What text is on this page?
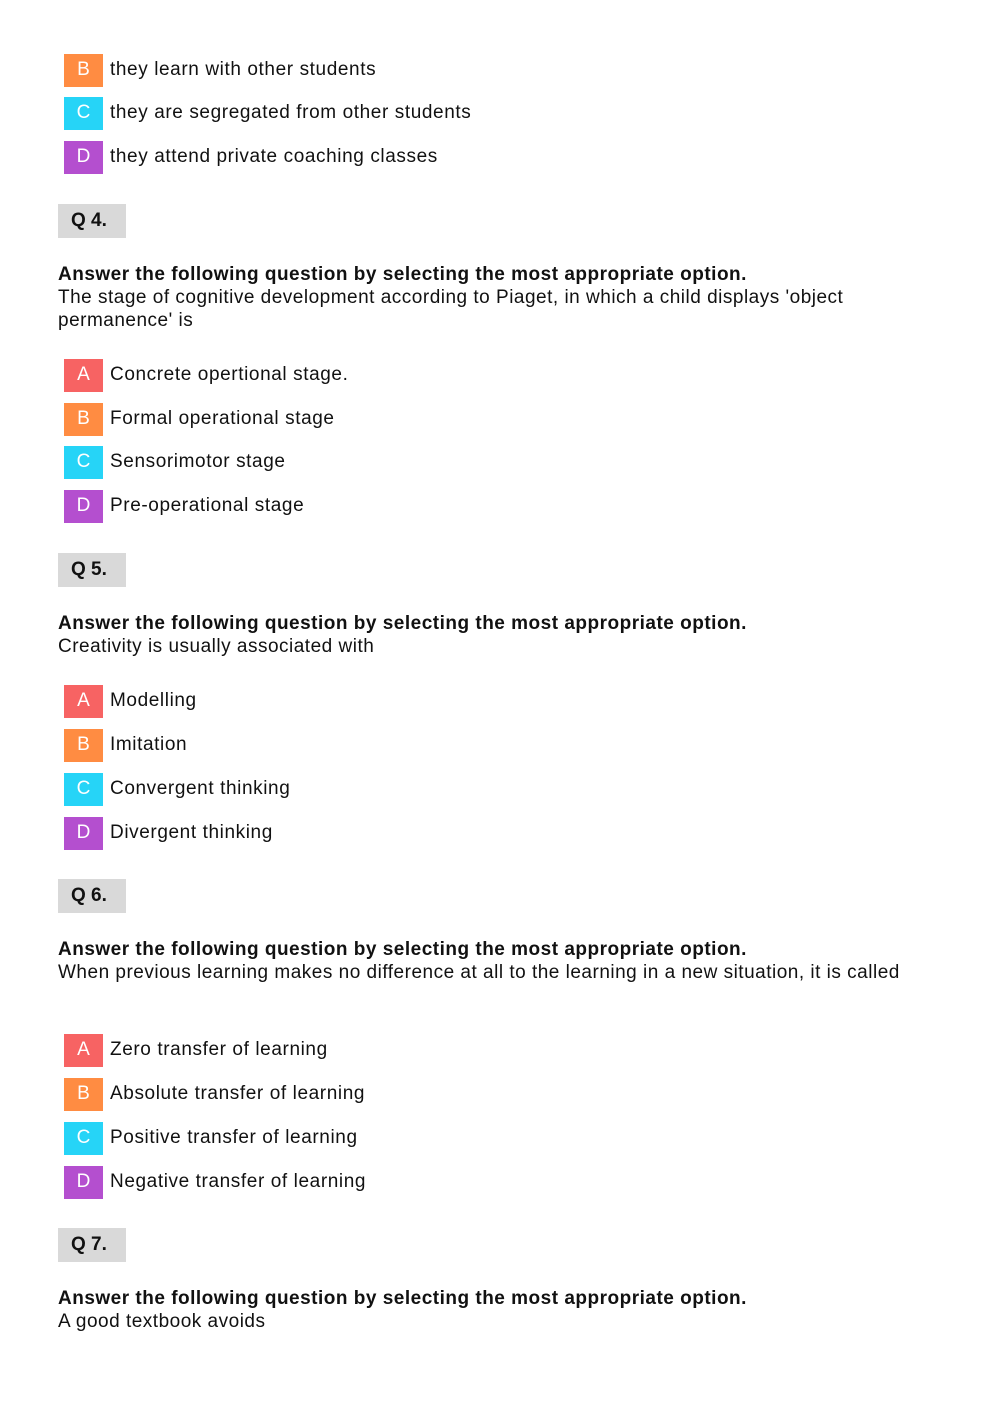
B	they learn with other students
C	they are segregated from other students
D	they attend private coaching classes
Q 4.
Answer the following question by selecting the most appropriate option.
The stage of cognitive development according to Piaget, in which a child displays 'object permanence' is
A	Concrete opertional stage.
B	Formal operational stage
C	Sensorimotor stage
D	Pre-operational stage
Q 5.
Answer the following question by selecting the most appropriate option.
Creativity is usually associated with
A	Modelling
B	Imitation
C	Convergent thinking
D	Divergent thinking
Q 6.
Answer the following question by selecting the most appropriate option.
When previous learning makes no difference at all to the learning in a new situation, it is called
A	Zero transfer of learning
B	Absolute transfer of learning
C	Positive transfer of learning
D	Negative transfer of learning
Q 7.
Answer the following question by selecting the most appropriate option.
A good textbook avoids
